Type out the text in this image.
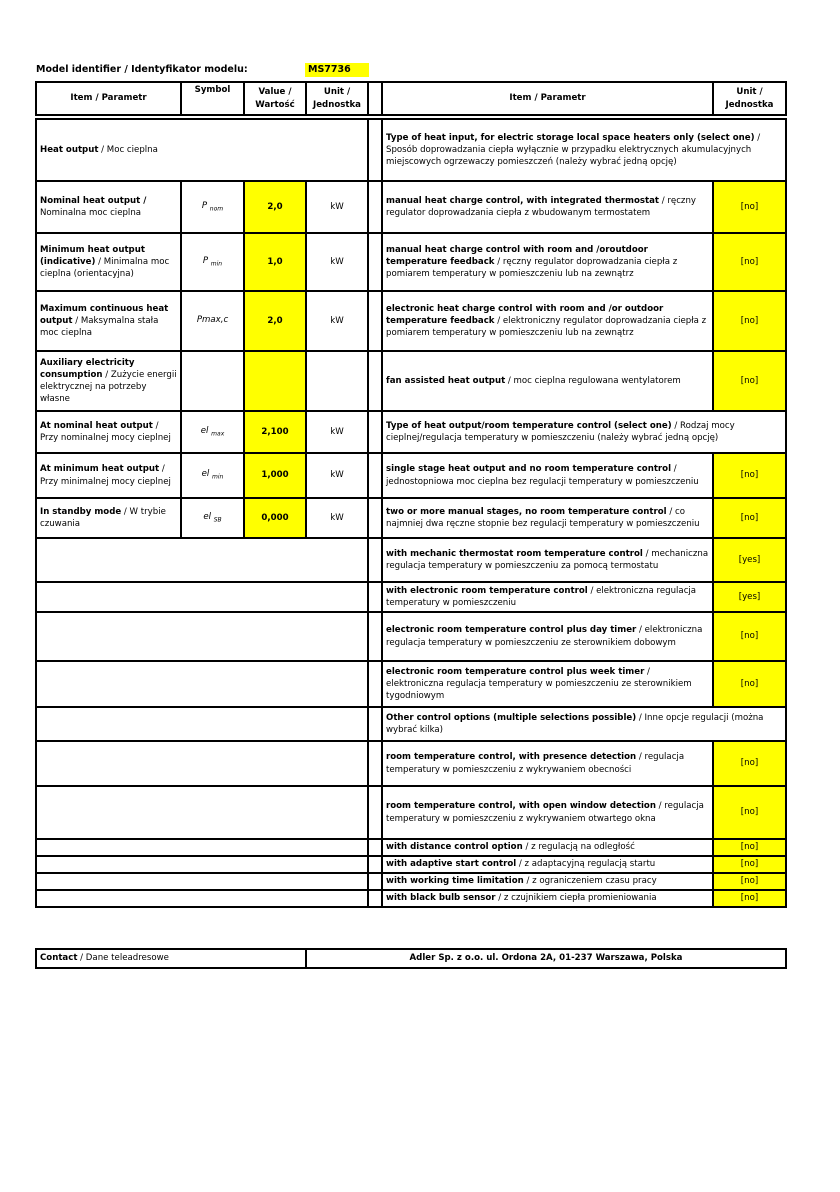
Model identifier / Identyfikator modelu:	MS7736
Item / Parametr	Symbol	Value / Wartość	Unit / Jednostka		Item / Parametr	Unit / Jednostka
Heat output / Moc cieplna					Type of heat input, for electric storage local space heaters only (select one) / Sposób doprowadzania ciepła wyłącznie w przypadku elektrycznych akumulacyjnych miejscowych ogrzewaczy pomieszczeń (należy wybrać jedną opcję)	
Nominal heat output / Nominalna moc cieplna	P $_{nom}$	2,0	kW		manual heat charge control, with integrated thermostat / ręczny regulator doprowadzania ciepła z wbudowanym termostatem	[no]
Minimum heat output (indicative) / Minimalna moc cieplna (orientacyjna)	P $_{min}$	1,0	kW		manual heat charge control with room and /oroutdoor temperature feedback / ręczny regulator doprowadzania ciepła z pomiarem temperatury w pomieszczeniu lub na zewnątrz	[no]
Maximum continuous heat output / Maksymalna stała moc cieplna	Pmax,c	2,0	kW		electronic heat charge control with room and /or outdoor temperature feedback / elektroniczny regulator doprowadzania ciepła z pomiarem temperatury w pomieszczeniu lub na zewnątrz	[no]
Auxiliary electricity consumption / Zużycie energii elektrycznej na potrzeby własne					fan assisted heat output / moc cieplna regulowana wentylatorem	[no]
At nominal heat output / Przy nominalnej mocy cieplnej	el $_{max}$	2,100	kW		Type of heat output/room temperature control (select one) / Rodzaj mocy cieplnej/regulacja temperatury w pomieszczeniu (należy wybrać jedną opcję)	
At minimum heat output / Przy minimalnej mocy cieplnej	el $_{min}$	1,000	kW		single stage heat output and no room temperature control / jednostopniowa moc cieplna bez regulacji temperatury w pomieszczeniu	[no]
In standby mode / W trybie czuwania	el $_{SB}$	0,000	kW		two or more manual stages, no room temperature control / co najmniej dwa ręczne stopnie bez regulacji temperatury w pomieszczeniu	[no]
					with mechanic thermostat room temperature control / mechaniczna regulacja temperatury w pomieszczeniu za pomocą termostatu	[yes]
					with electronic room temperature control / elektroniczna regulacja temperatury w pomieszczeniu	[yes]
					electronic room temperature control plus day timer / elektroniczna regulacja temperatury w pomieszczeniu ze sterownikiem dobowym	[no]
					electronic room temperature control plus week timer / elektroniczna regulacja temperatury w pomieszczeniu ze sterownikiem tygodniowym	[no]
					Other control options (multiple selections possible) / Inne opcje regulacji (można wybrać kilka)	
					room temperature control, with presence detection / regulacja temperatury w pomieszczeniu z wykrywaniem obecności	[no]
					room temperature control, with open window detection / regulacja temperatury w pomieszczeniu z wykrywaniem otwartego okna	[no]
					with distance control option / z regulacją na odległość	[no]
					with adaptive start control / z adaptacyjną regulacją startu	[no]
					with working time limitation / z ograniczeniem czasu pracy	[no]
					with black bulb sensor / z czujnikiem ciepła promieniowania	[no]
Contact / Dane teleadresowe	Adler Sp. z o.o. ul. Ordona 2A, 01-237 Warszawa, Polska
